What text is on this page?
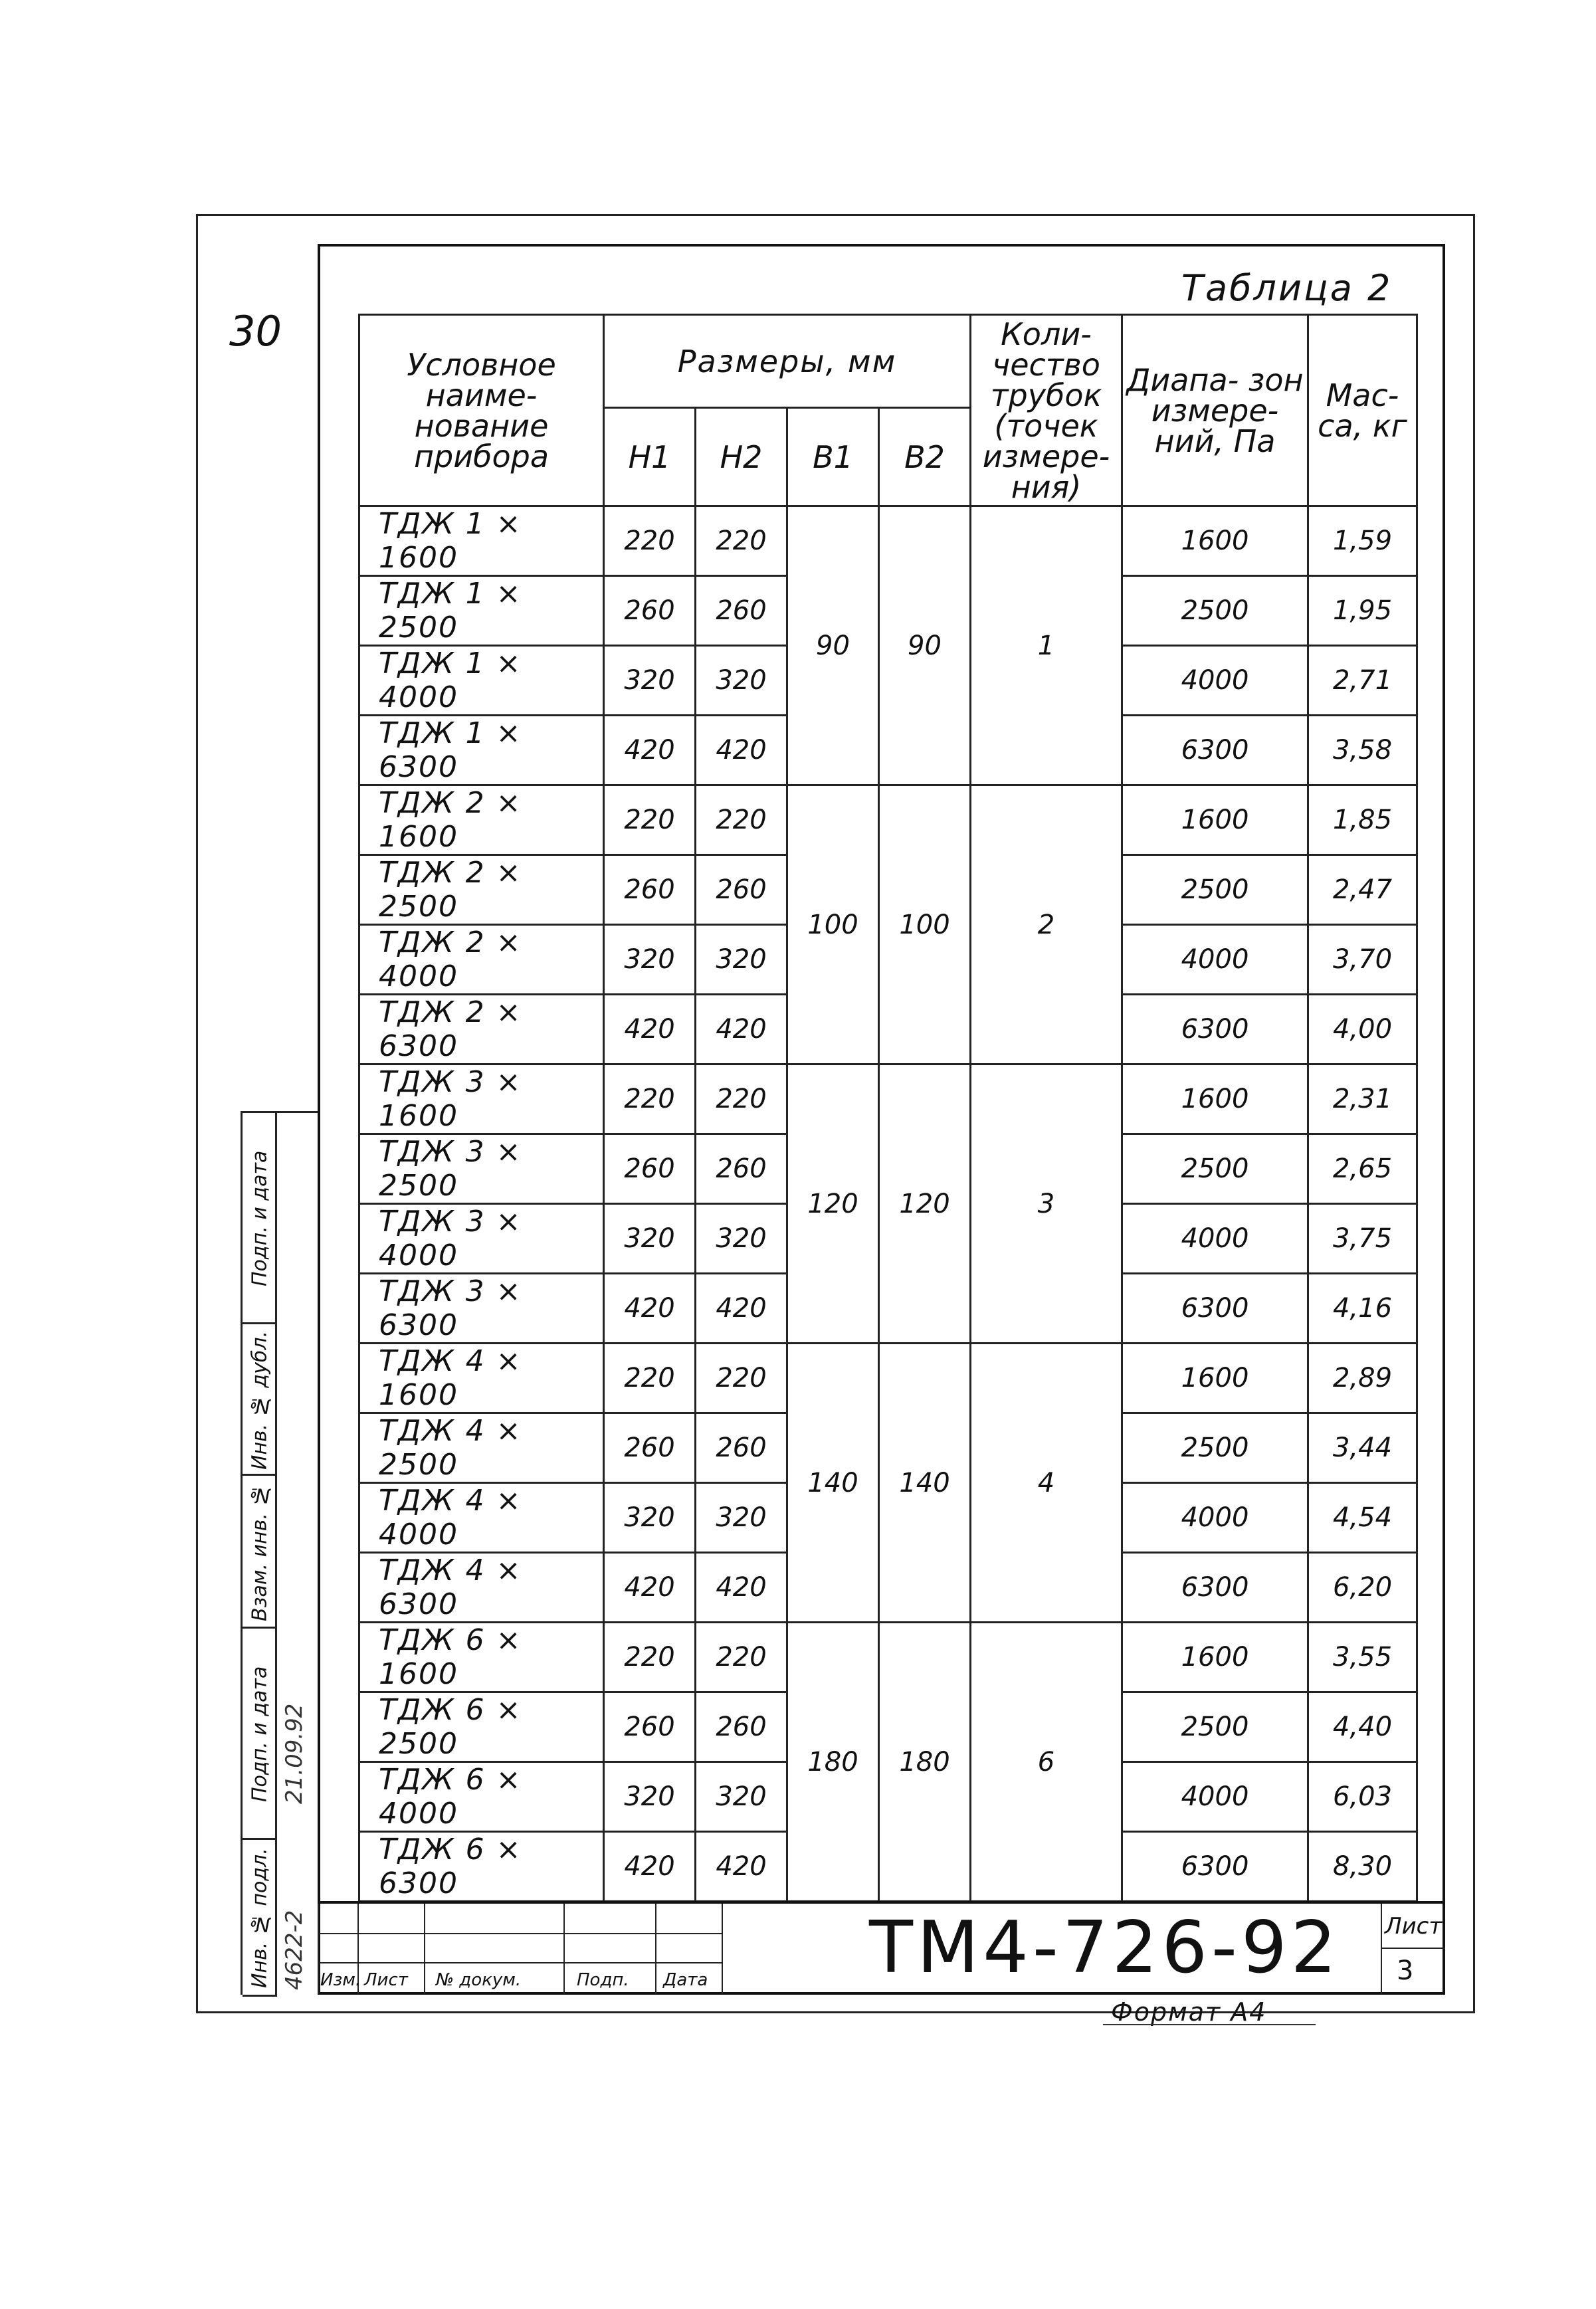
30
Таблица 2
Условное наиме- нование прибора	Размеры, мм				Коли- чество трубок (точек измере- ния)	Диапа- зон измере- ний, Па	Мас- са, кг
	H1	H2	B1	B2			
ТДЖ 1 × 1600	220	220	90	90	1	1600	1,59
ТДЖ 1 × 2500	260	260				2500	1,95
ТДЖ 1 × 4000	320	320				4000	2,71
ТДЖ 1 × 6300	420	420				6300	3,58
ТДЖ 2 × 1600	220	220	100	100	2	1600	1,85
ТДЖ 2 × 2500	260	260				2500	2,47
ТДЖ 2 × 4000	320	320				4000	3,70
ТДЖ 2 × 6300	420	420				6300	4,00
ТДЖ 3 × 1600	220	220	120	120	3	1600	2,31
ТДЖ 3 × 2500	260	260				2500	2,65
ТДЖ 3 × 4000	320	320				4000	3,75
ТДЖ 3 × 6300	420	420				6300	4,16
ТДЖ 4 × 1600	220	220	140	140	4	1600	2,89
ТДЖ 4 × 2500	260	260				2500	3,44
ТДЖ 4 × 4000	320	320				4000	4,54
ТДЖ 4 × 6300	420	420				6300	6,20
ТДЖ 6 × 1600	220	220	180	180	6	1600	3,55
ТДЖ 6 × 2500	260	260				2500	4,40
ТДЖ 6 × 4000	320	320				4000	6,03
ТДЖ 6 × 6300	420	420				6300	8,30
Подп. и дата
Инв. № дубл.
Взам. инв. №
Подп. и дата
Инв. № подл.
21.09.92
4622-2 Изм. Лист № докум.	Подп. Дата ТМ4-726-92 Лист
3
Формат А4
